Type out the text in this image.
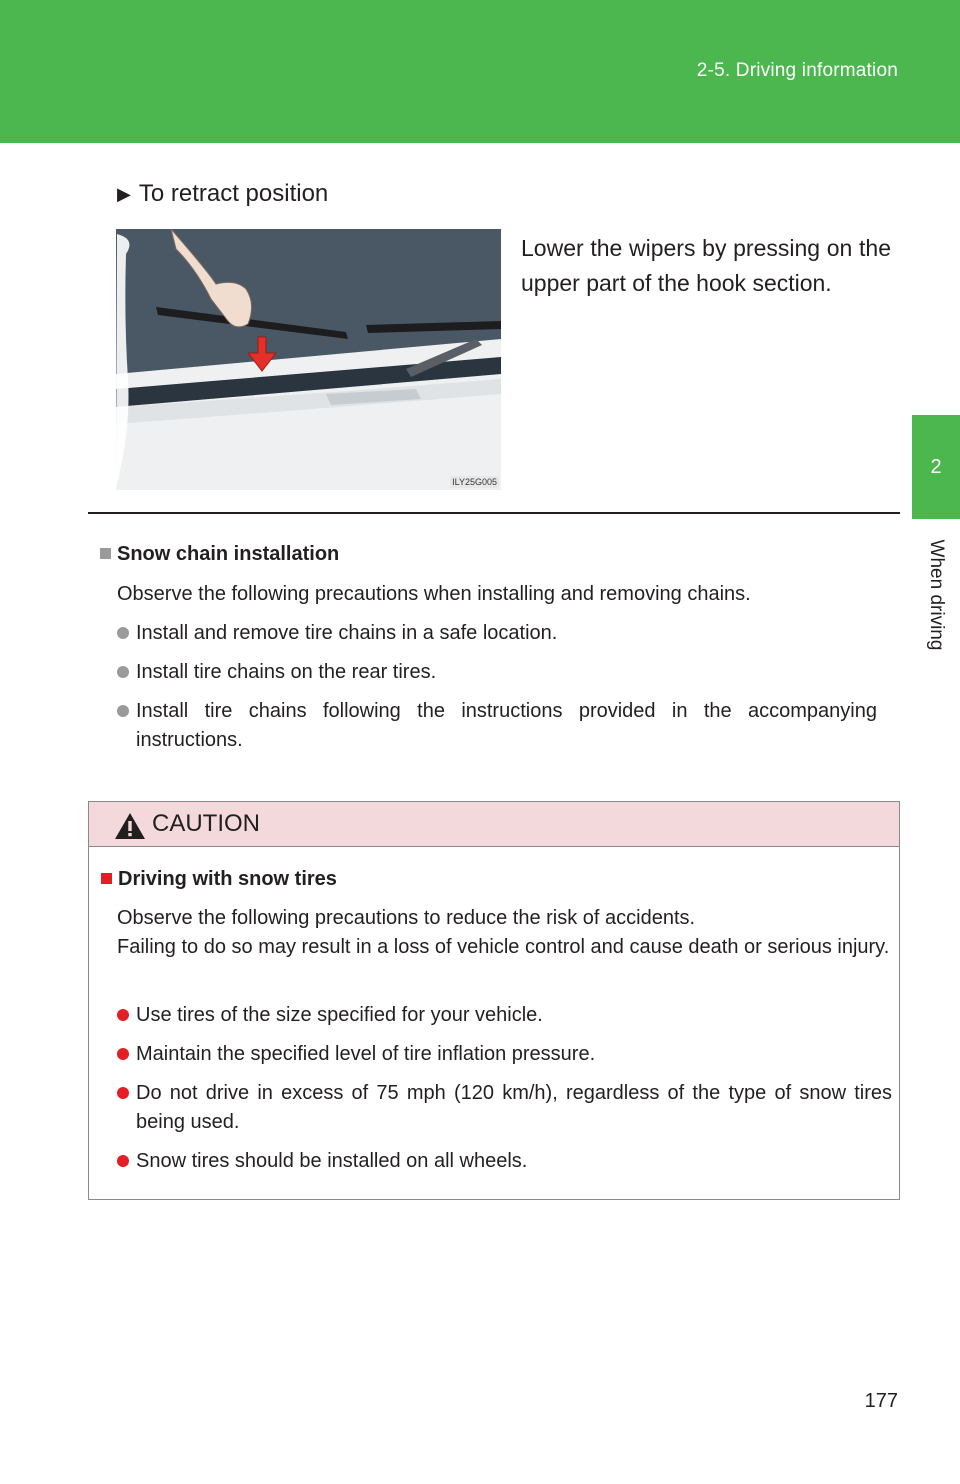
2-5. Driving information
2
When driving
▶ To retract position
ILY25G005
Lower the wipers by pressing on the upper part of the hook section.
Snow chain installation
Observe the following precautions when installing and removing chains.
Install and remove tire chains in a safe location.
Install tire chains on the rear tires.
Install tire chains following the instructions provided in the accompanying instructions.
CAUTION
Driving with snow tires
Observe the following precautions to reduce the risk of accidents.
Failing to do so may result in a loss of vehicle control and cause death or serious injury.
Use tires of the size specified for your vehicle.
Maintain the specified level of tire inflation pressure.
Do not drive in excess of 75 mph (120 km/h), regardless of the type of snow tires being used.
Snow tires should be installed on all wheels.
177
